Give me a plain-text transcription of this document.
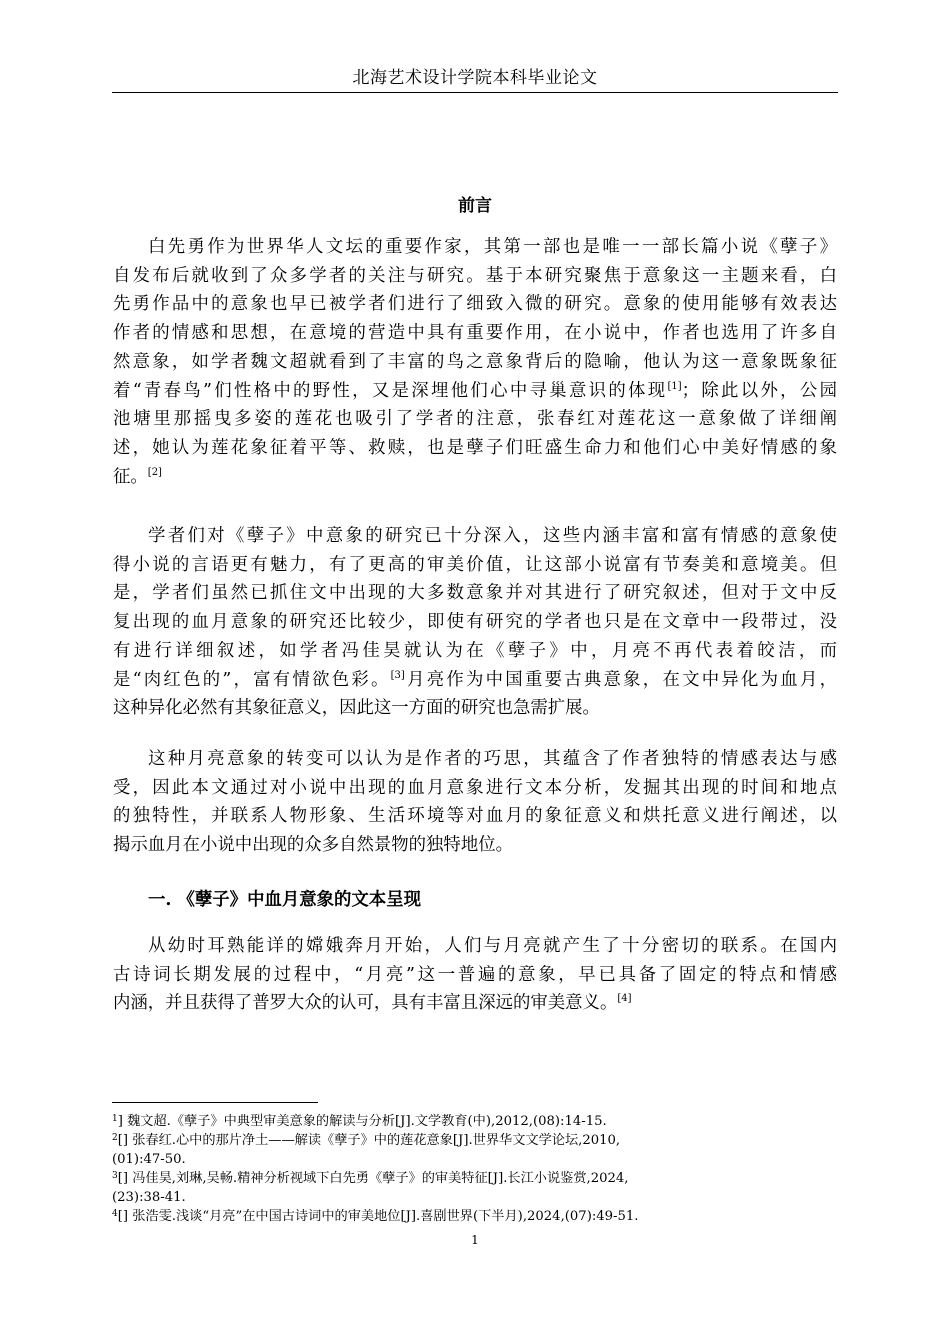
北海艺术设计学院本科毕业论文
前言
白先勇作为世界华人文坛的重要作家，其第一部也是唯一一部长篇小说《孽子》
自发布后就收到了众多学者的关注与研究。基于本研究聚焦于意象这一主题来看，白
先勇作品中的意象也早已被学者们进行了细致入微的研究。意象的使用能够有效表达
作者的情感和思想，在意境的营造中具有重要作用，在小说中，作者也选用了许多自
然意象，如学者魏文超就看到了丰富的鸟之意象背后的隐喻，他认为这一意象既象征
着“青春鸟”们性格中的野性，又是深埋他们心中寻巢意识的体现[1]；除此以外，公园
池塘里那摇曳多姿的莲花也吸引了学者的注意，张春红对莲花这一意象做了详细阐
述，她认为莲花象征着平等、救赎，也是孽子们旺盛生命力和他们心中美好情感的象
征。[2]
学者们对《孽子》中意象的研究已十分深入，这些内涵丰富和富有情感的意象使
得小说的言语更有魅力，有了更高的审美价值，让这部小说富有节奏美和意境美。但
是，学者们虽然已抓住文中出现的大多数意象并对其进行了研究叙述，但对于文中反
复出现的血月意象的研究还比较少，即使有研究的学者也只是在文章中一段带过，没
有进行详细叙述，如学者冯佳昊就认为在《孽子》中，月亮不再代表着皎洁，而
是“肉红色的”，富有情欲色彩。[3]月亮作为中国重要古典意象，在文中异化为血月，
这种异化必然有其象征意义，因此这一方面的研究也急需扩展。
这种月亮意象的转变可以认为是作者的巧思，其蕴含了作者独特的情感表达与感
受，因此本文通过对小说中出现的血月意象进行文本分析，发掘其出现的时间和地点
的独特性，并联系人物形象、生活环境等对血月的象征意义和烘托意义进行阐述，以
揭示血月在小说中出现的众多自然景物的独特地位。
一. 《孽子》中血月意象的文本呈现
从幼时耳熟能详的嫦娥奔月开始，人们与月亮就产生了十分密切的联系。在国内
古诗词长期发展的过程中，“月亮”这一普遍的意象，早已具备了固定的特点和情感
内涵，并且获得了普罗大众的认可，具有丰富且深远的审美意义。[4]

$^1$] 魏文超.《孽子》中典型审美意象的解读与分析[J].文学教育(中),2012,(08):14-15.

$^2$[] 张春红.心中的那片净土——解读《孽子》中的莲花意象[J].世界华文文学论坛,2010,
(01):47-50.

$^3$[] 冯佳昊,刘琳,吴畅.精神分析视域下白先勇《孽子》的审美特征[J].长江小说鉴赏,2024,
(23):38-41.

$^4$[] 张浩雯.浅谈“月亮”在中国古诗词中的审美地位[J].喜剧世界(下半月),2024,(07):49-51.

1
